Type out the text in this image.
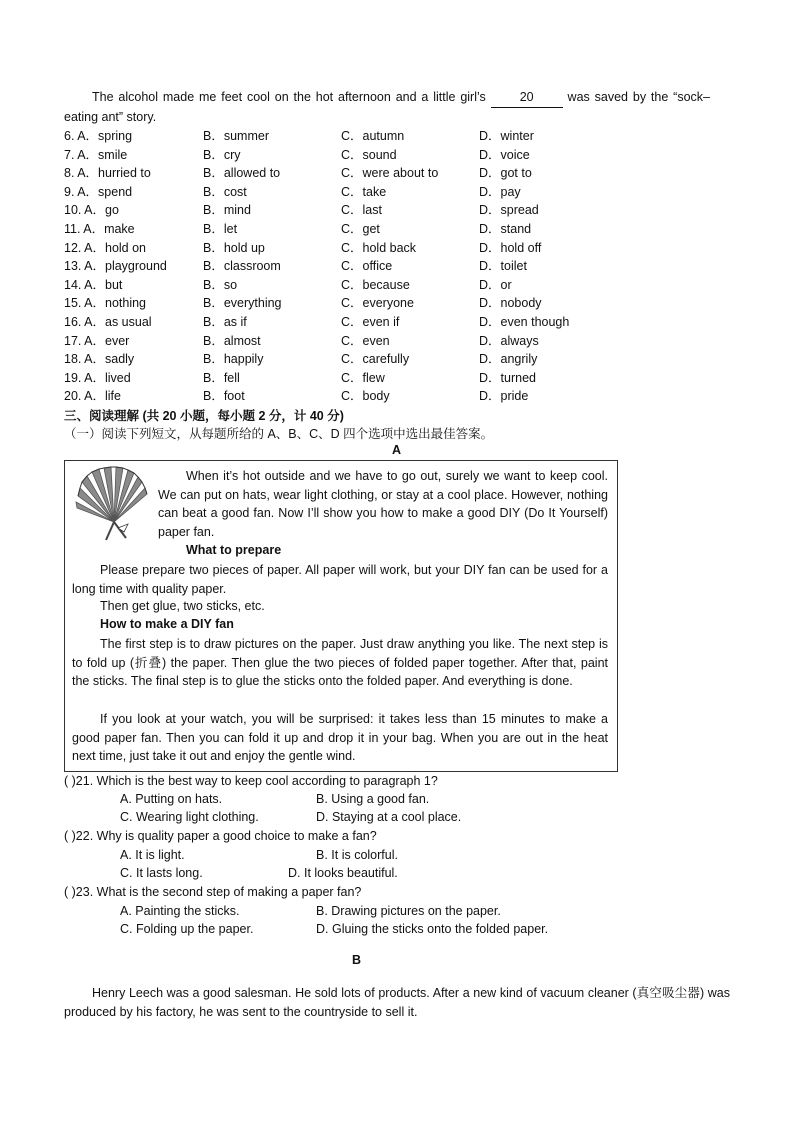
The alcohol made me feet cool on the hot afternoon and a little girl’s	20	was saved by the “sock–eating ant” story.
6. A．spring	B．summer	C．autumn	D．winter
7. A．smile	B．cry	C．sound	D．voice
8. A．hurried to	B．allowed to	C．were about to	D．got to
9. A．spend	B．cost	C．take	D．pay
10. A．go	B．mind	C．last	D．spread
11. A．make	B．let	C．get	D．stand
12. A．hold on	B．hold up	C．hold back	D．hold off
13. A．playground	B．classroom	C．office	D．toilet
14. A．but	B．so	C．because	D．or
15. A．nothing	B．everything	C．everyone	D．nobody
16. A．as usual	B．as if	C．even if	D．even though
17. A．ever	B．almost	C．even	D．always
18. A．sadly	B．happily	C．carefully	D．angrily
19. A．lived	B．fell	C．flew	D．turned
20. A．life	B．foot	C．body	D．pride
三、阅读理解 (共 20 小题，每小题 2 分，计 40 分)
（一）阅读下列短文，从每题所给的 A、B、C、D 四个选项中选出最佳答案。
A
When it’s hot outside and we have to go out, surely we want to keep cool. We can put on hats, wear light clothing, or stay at a cool place. However, nothing can beat a good fan. Now I’ll show you how to make a good DIY (Do It Yourself) paper fan.
What to prepare
Please prepare two pieces of paper. All paper will work, but your DIY fan can be used for a long time with quality paper.
Then get glue, two sticks, etc.
How to make a DIY fan
The first step is to draw pictures on the paper. Just draw anything you like. The next step is to fold up (折叠) the paper. Then glue the two pieces of folded paper together. After that, paint the sticks. The final step is to glue the sticks onto the folded paper. And everything is done.
If you look at your watch, you will be surprised: it takes less than 15 minutes to make a good paper fan. Then you can fold it up and drop it in your bag. When you are out in the heat next time, just take it out and enjoy the gentle wind.
( )21. Which is the best way to keep cool according to paragraph 1?
A. Putting on hats.	B. Using a good fan.
C. Wearing light clothing.	D. Staying at a cool place.
( )22. Why is quality paper a good choice to make a fan?
A. It is light.	B. It is colorful.
C. It lasts long.	D. It looks beautiful.
( )23. What is the second step of making a paper fan?
A. Painting the sticks.	B. Drawing pictures on the paper.
C. Folding up the paper.	D. Gluing the sticks onto the folded paper.
B
Henry Leech was a good salesman. He sold lots of products. After a new kind of vacuum cleaner (真空吸尘器) was produced by his factory, he was sent to the countryside to sell it.
